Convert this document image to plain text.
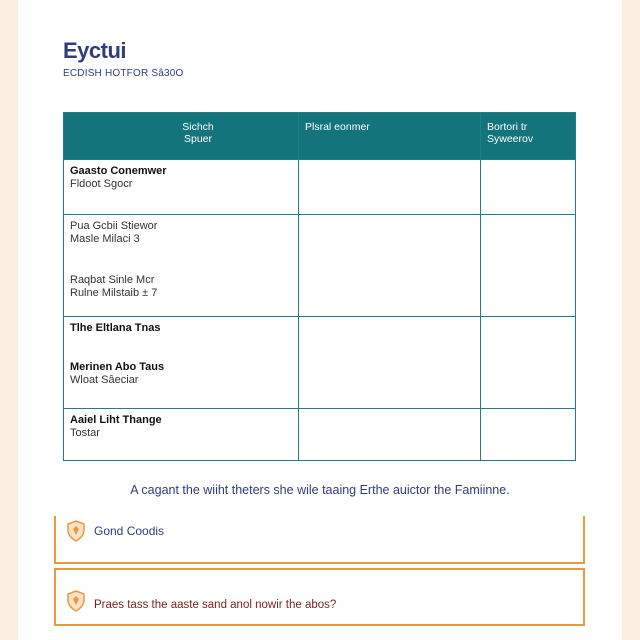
Eyctui
ECDISH HOTFOR Sâ30O
Sichch
Spuer	Plsral eonmer	Bortori tr
Syweerov

Gaasto Conemwer
Fldoot Sgocr		

Pua Gcbii Stiewor
Masle Milaci 3
Raqbat Sinle Mcr
Rulne Milstaib ± 7		

Tlhe Eltlana Tnas
Merinen Abo Taus
Wloat Sâeciar		

Aaiel Liht Thange
Tostar		

A cagant the wiiht theters she wile taaing Erthe auictor the Famiinne.
Gond Coodis
Praes tass the aaste sand anol nowir the abos?
